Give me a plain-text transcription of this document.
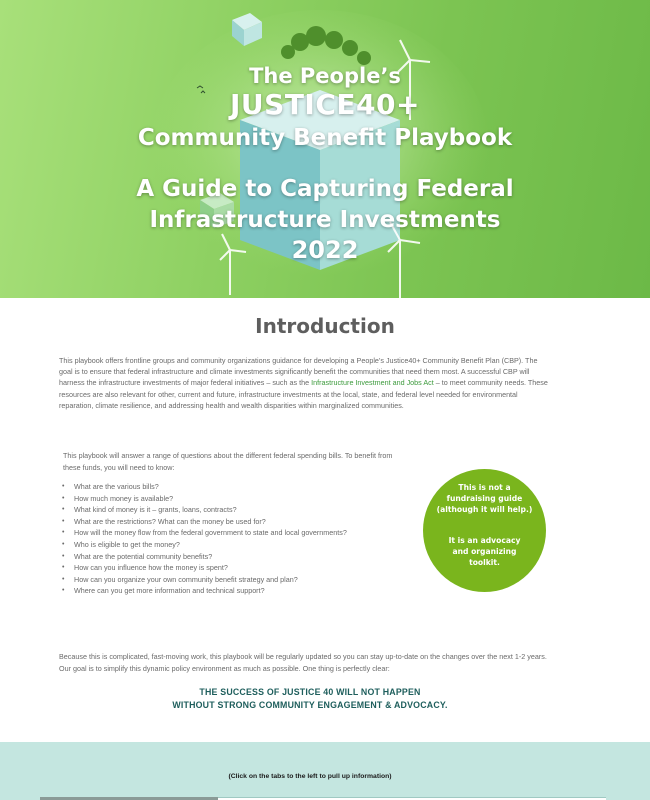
The People’s
JUSTICE40+
Community Benefit Playbook
A Guide to Capturing Federal
Infrastructure Investments
2022
Introduction

This playbook offers frontline groups and community organizations guidance for developing a People’s Justice40+ Community Benefit Plan (CBP). The goal is to ensure that federal infrastructure and climate investments significantly benefit the communities that need them most. A successful CBP will harness the infrastructure investments of major federal initiatives – such as the Infrastructure Investment and Jobs Act – to meet community needs. These resources are also relevant for other, current and future, infrastructure investments at the local, state, and federal level needed for environmental reparation, climate resilience, and addressing health and wealth disparities within marginalized communities.

This playbook will answer a range of questions about the different federal spending bills. To benefit from these funds, you will need to know:

• What are the various bills?
• How much money is available?
• What kind of money is it – grants, loans, contracts?
• What are the restrictions? What can the money be used for?
• How will the money flow from the federal government to state and local governments?
• Who is eligible to get the money?
• What are the potential community benefits?
• How can you influence how the money is spent?
• How can you organize your own community benefit strategy and plan?
• Where can you get more information and technical support?
This is not a
fundraising guide
(although it will help.)
It is an advocacy
and organizing
toolkit.

Because this is complicated, fast-moving work, this playbook will be regularly updated so you can stay up-to-date on the changes over the next 1-2 years. Our goal is to simplify this dynamic policy environment as much as possible. One thing is perfectly clear:

THE SUCCESS OF JUSTICE 40 WILL NOT HAPPEN
WITHOUT STRONG COMMUNITY ENGAGEMENT & ADVOCACY.
(Click on the tabs to the left to pull up information)
